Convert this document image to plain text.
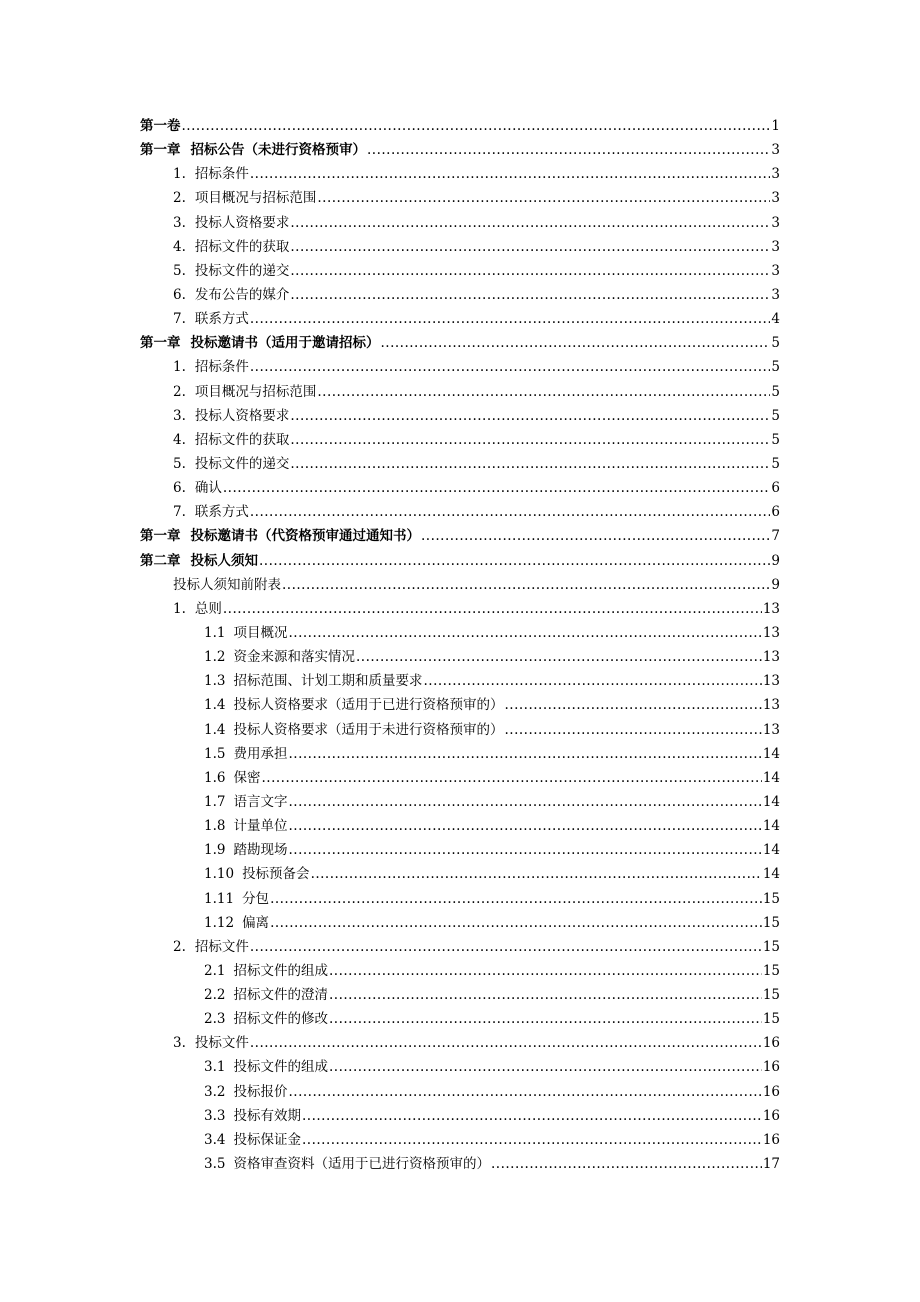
第一卷 .....	1
第一章 招标公告（未进行资格预审） .....	3
1. 招标条件 .....	3
2. 项目概况与招标范围 .....	3
3. 投标人资格要求 .....	3
4. 招标文件的获取 .....	3
5. 投标文件的递交 .....	3
6. 发布公告的媒介 .....	3
7. 联系方式 .....	4
第一章 投标邀请书（适用于邀请招标） .....	5
1. 招标条件 .....	5
2. 项目概况与招标范围 .....	5
3. 投标人资格要求 .....	5
4. 招标文件的获取 .....	5
5. 投标文件的递交 .....	5
6. 确认 .....	6
7. 联系方式 .....	6
第一章 投标邀请书（代资格预审通过通知书） .....	7
第二章 投标人须知 .....	9
投标人须知前附表 .....	9
1. 总则 .....	13
1.1 项目概况 .....	13
1.2 资金来源和落实情况 .....	13
1.3 招标范围、计划工期和质量要求 .....	13
1.4 投标人资格要求（适用于已进行资格预审的） .....	13
1.4 投标人资格要求（适用于未进行资格预审的） .....	13
1.5 费用承担 .....	14
1.6 保密 .....	14
1.7 语言文字 .....	14
1.8 计量单位 .....	14
1.9 踏勘现场 .....	14
1.10 投标预备会 .....	14
1.11 分包 .....	15
1.12 偏离 .....	15
2. 招标文件 .....	15
2.1 招标文件的组成 .....	15
2.2 招标文件的澄清 .....	15
2.3 招标文件的修改 .....	15
3. 投标文件 .....	16
3.1 投标文件的组成 .....	16
3.2 投标报价 .....	16
3.3 投标有效期 .....	16
3.4 投标保证金 .....	16
3.5 资格审查资料（适用于已进行资格预审的） .....	17
